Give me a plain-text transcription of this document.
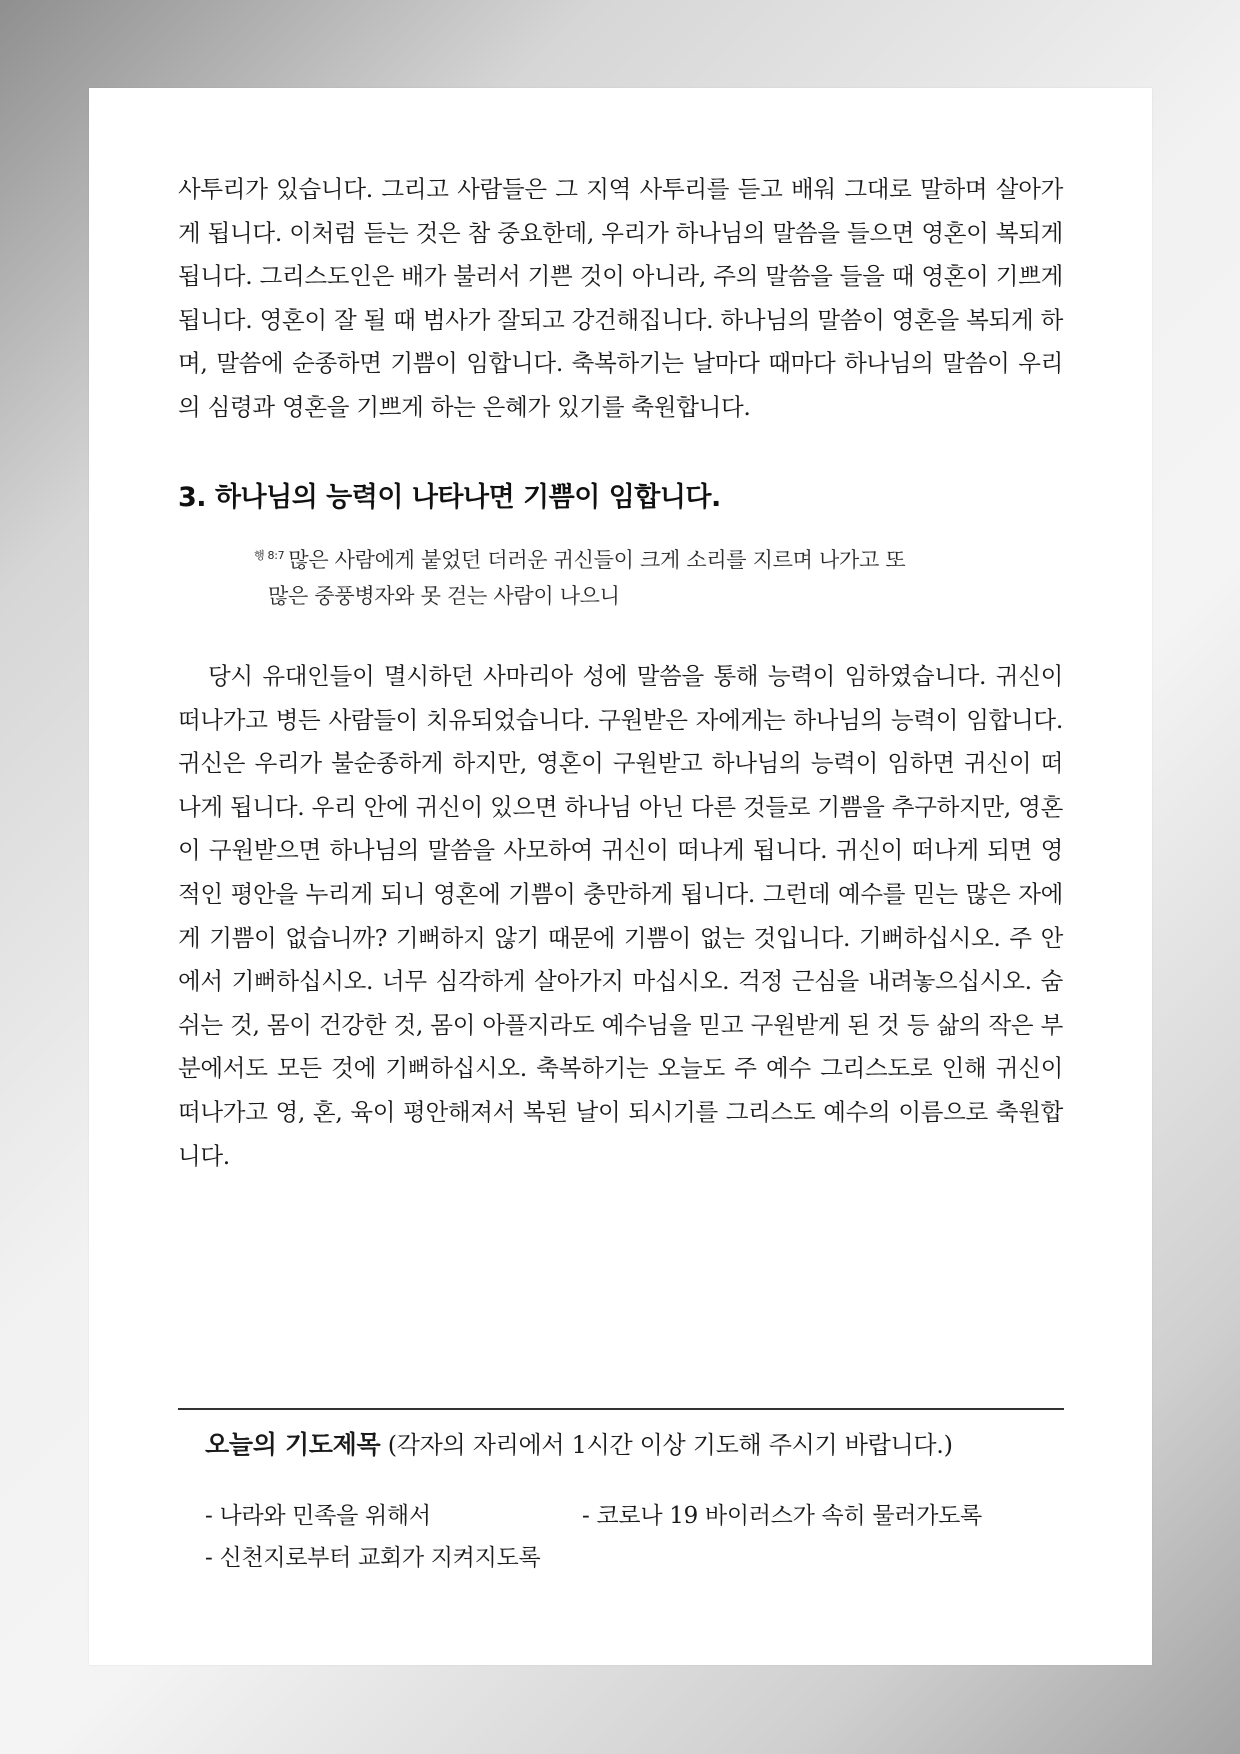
사투리가 있습니다. 그리고 사람들은 그 지역 사투리를 듣고 배워 그대로 말하며 살아가게 됩니다. 이처럼 듣는 것은 참 중요한데, 우리가 하나님의 말씀을 들으면 영혼이 복되게 됩니다. 그리스도인은 배가 불러서 기쁜 것이 아니라, 주의 말씀을 들을 때 영혼이 기쁘게 됩니다. 영혼이 잘 될 때 범사가 잘되고 강건해집니다. 하나님의 말씀이 영혼을 복되게 하며, 말씀에 순종하면 기쁨이 임합니다. 축복하기는 날마다 때마다 하나님의 말씀이 우리의 심령과 영혼을 기쁘게 하는 은혜가 있기를 축원합니다.

3. 하나님의 능력이 나타나면 기쁨이 임합니다.

$^{행 8:7}$ 많은 사람에게 붙었던 더러운 귀신들이 크게 소리를 지르며 나가고 또
많은 중풍병자와 못 걷는 사람이 나으니

당시 유대인들이 멸시하던 사마리아 성에 말씀을 통해 능력이 임하였습니다. 귀신이 떠나가고 병든 사람들이 치유되었습니다. 구원받은 자에게는 하나님의 능력이 임합니다. 귀신은 우리가 불순종하게 하지만, 영혼이 구원받고 하나님의 능력이 임하면 귀신이 떠나게 됩니다. 우리 안에 귀신이 있으면 하나님 아닌 다른 것들로 기쁨을 추구하지만, 영혼이 구원받으면 하나님의 말씀을 사모하여 귀신이 떠나게 됩니다. 귀신이 떠나게 되면 영적인 평안을 누리게 되니 영혼에 기쁨이 충만하게 됩니다. 그런데 예수를 믿는 많은 자에게 기쁨이 없습니까? 기뻐하지 않기 때문에 기쁨이 없는 것입니다. 기뻐하십시오. 주 안에서 기뻐하십시오. 너무 심각하게 살아가지 마십시오. 걱정 근심을 내려놓으십시오. 숨 쉬는 것, 몸이 건강한 것, 몸이 아플지라도 예수님을 믿고 구원받게 된 것 등 삶의 작은 부분에서도 모든 것에 기뻐하십시오. 축복하기는 오늘도 주 예수 그리스도로 인해 귀신이 떠나가고 영, 혼, 육이 평안해져서 복된 날이 되시기를 그리스도 예수의 이름으로 축원합니다.

오늘의 기도제목 (각자의 자리에서 1시간 이상 기도해 주시기 바랍니다.)

- 나라와 민족을 위해서	- 코로나 19 바이러스가 속히 물러가도록

- 신천지로부터 교회가 지켜지도록
